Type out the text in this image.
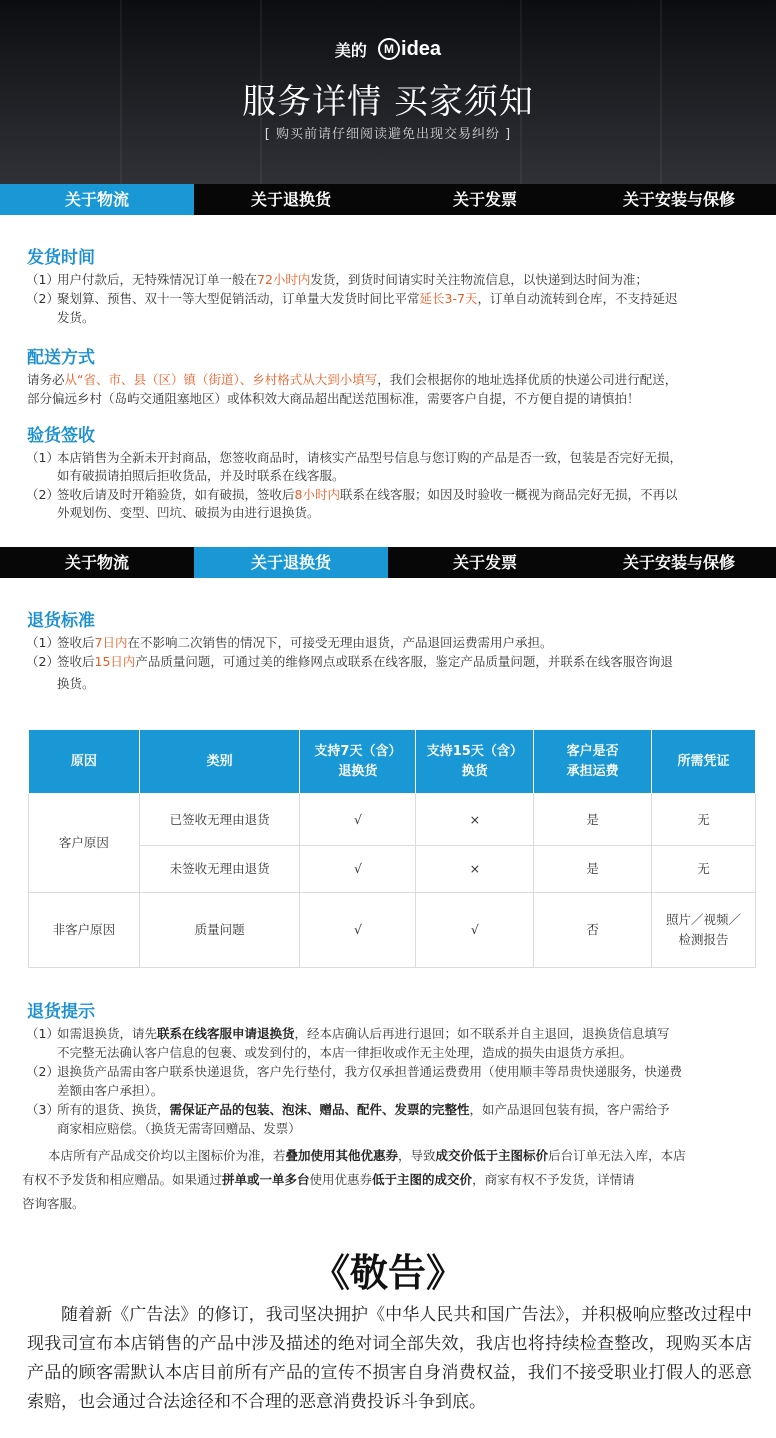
美的 M idea
服务详情 买家须知
[ 购买前请仔细阅读避免出现交易纠纷 ]
关于物流	关于退换货	关于发票	关于安装与保修
发货时间
（1）
用户付款后，无特殊情况订单一般在72小时内发货，到货时间请实时关注物流信息，以快递到达时间为准；
（2）
聚划算、预售、双十一等大型促销活动，订单量大发货时间比平常延长3-7天，订单自动流转到仓库，不支持延迟
发货。
配送方式
请务必从“省、市、县（区）镇（街道）、乡村格式从大到小填写，我们会根据你的地址选择优质的快递公司进行配送，
部分偏远乡村（岛屿交通阻塞地区）或体积效大商品超出配送范围标准，需要客户自提，不方便自提的请慎拍！
验货签收
（1）
本店销售为全新未开封商品，您签收商品时，请核实产品型号信息与您订购的产品是否一致，包装是否完好无损，
如有破损请拍照后拒收货品，并及时联系在线客服。
（2）
签收后请及时开箱验货，如有破损，签收后8小时内联系在线客服；如因及时验收一概视为商品完好无损，不再以
外观划伤、变型、凹坑、破损为由进行退换货。
关于物流	关于退换货	关于发票	关于安装与保修
退货标准
（1）
签收后7日内在不影响二次销售的情况下，可接受无理由退货，产品退回运费需用户承担。
（2）
签收后15日内产品质量问题，可通过美的维修网点或联系在线客服，鉴定产品质量问题，并联系在线客服咨询退
换货。
原因	类别	支持7天（含）退换货	支持15天（含）换货	客户是否承担运费	所需凭证
客户原因	已签收无理由退货	√	×	是	无
	未签收无理由退货	√	×	是	无
非客户原因	质量问题	√	√	否	照片／视频／检测报告
退货提示
（1）
如需退换货，请先联系在线客服申请退换货，经本店确认后再进行退回；如不联系并自主退回，退换货信息填写
不完整无法确认客户信息的包裹、或发到付的，本店一律拒收或作无主处理，造成的损失由退货方承担。
（2）
退换货产品需由客户联系快递退货，客户先行垫付，我方仅承担普通运费费用（使用顺丰等昂贵快递服务，快递费
差额由客户承担）。
（3）
所有的退货、换货，需保证产品的包装、泡沫、赠品、配件、发票的完整性，如产品退回包装有损，客户需给予
商家相应赔偿。（换货无需寄回赠品、发票）
本店所有产品成交价均以主图标价为准，若叠加使用其他优惠券，导致成交价低于主图标价后台订单无法入库，本店
有权不予发货和相应赠品。如果通过拼单或一单多台使用优惠券低于主图的成交价，商家有权不予发货，详情请
咨询客服。
《敬告》
随着新《广告法》的修订，我司坚决拥护《中华人民共和国广告法》，并积极响应整改过程中现我司宣布本店销售的产品中涉及描述的绝对词全部失效，我店也将持续检查整改，现购买本店产品的顾客需默认本店目前所有产品的宣传不损害自身消费权益，我们不接受职业打假人的恶意索赔，也会通过合法途径和不合理的恶意消费投诉斗争到底。
